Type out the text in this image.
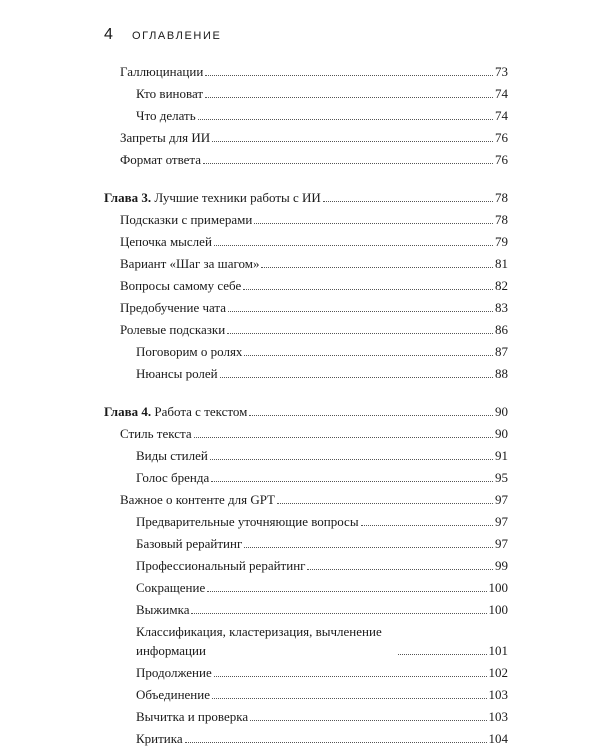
4	ОГЛАВЛЕНИЕ
Галлюцинации	73
Кто виноват	74
Что делать	74
Запреты для ИИ	76
Формат ответа	76
Глава 3. Лучшие техники работы с ИИ	78
Подсказки с примерами	78
Цепочка мыслей	79
Вариант «Шаг за шагом»	81
Вопросы самому себе	82
Предобучение чата	83
Ролевые подсказки	86
Поговорим о ролях	87
Нюансы ролей	88
Глава 4. Работа с текстом	90
Стиль текста	90
Виды стилей	91
Голос бренда	95
Важное о контенте для GPT	97
Предварительные уточняющие вопросы	97
Базовый рерайтинг	97
Профессиональный рерайтинг	99
Сокращение	100
Выжимка	100
Классификация, кластеризация, вычленение информации	101
Продолжение	102
Объединение	103
Вычитка и проверка	103
Критика	104
